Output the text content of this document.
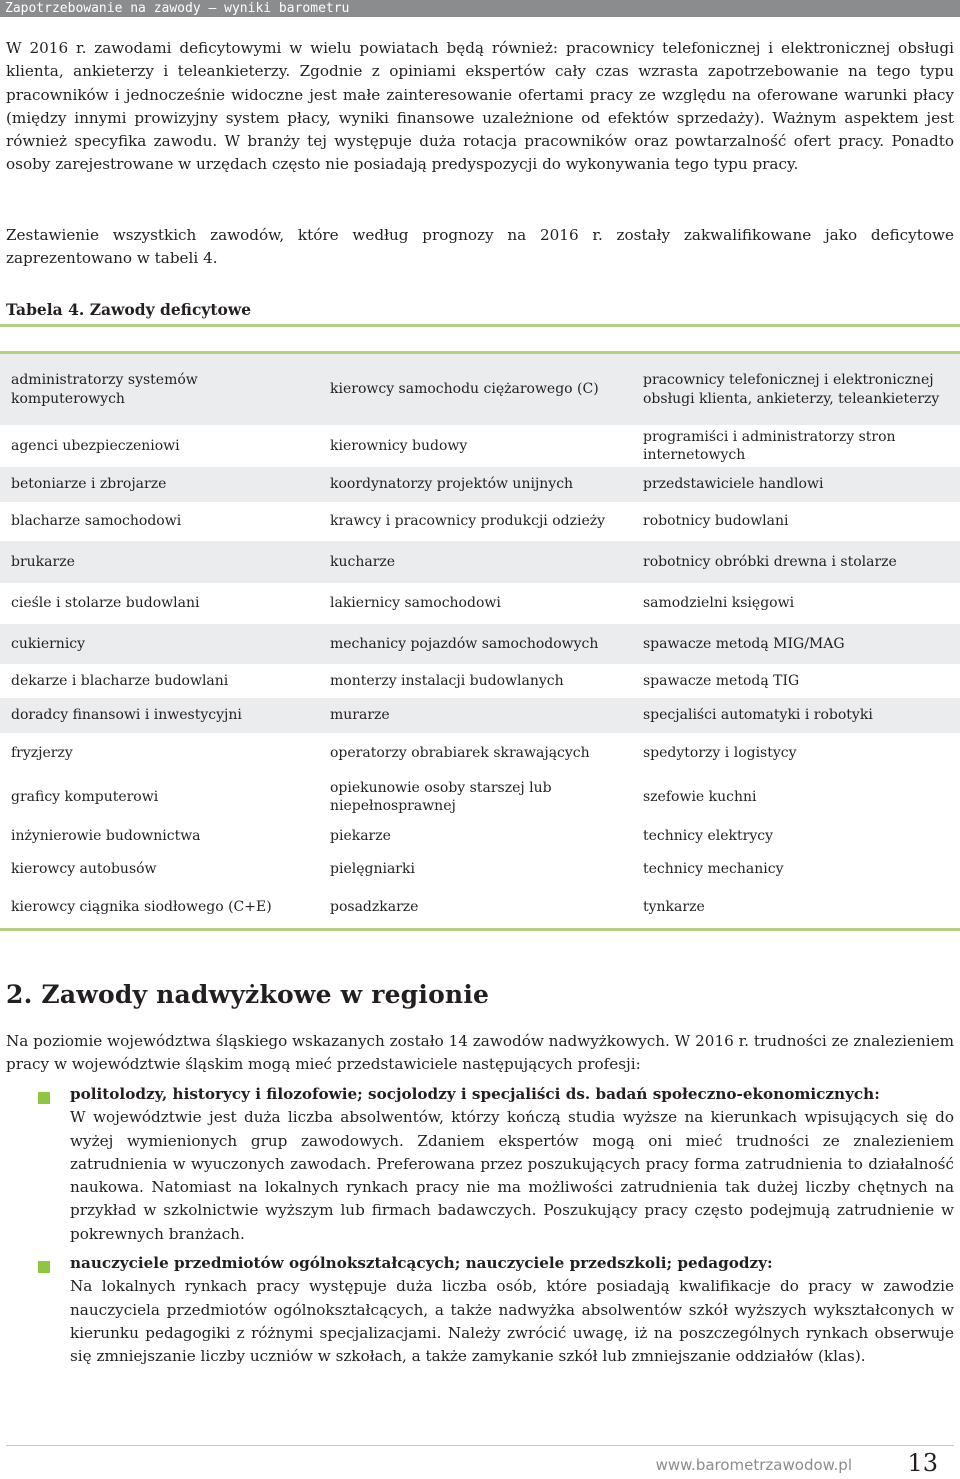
Zapotrzebowanie na zawody – wyniki barometru

W 2016 r. zawodami deficytowymi w wielu powiatach będą również: pracownicy telefonicznej i elektronicznej obsługi klienta, ankieterzy i teleankieterzy. Zgodnie z opiniami ekspertów cały czas wzrasta zapotrzebowanie na tego typu pracowników i jednocześnie widoczne jest małe zainteresowanie ofertami pracy ze względu na oferowane warunki płacy (między innymi prowizyjny system płacy, wyniki finansowe uzależnione od efektów sprzedaży). Ważnym aspektem jest również specyfika zawodu. W branży tej występuje duża rotacja pracowników oraz powtarzalność ofert pracy. Ponadto osoby zarejestrowane w urzędach często nie posiadają predyspozycji do wykonywania tego typu pracy.

Zestawienie wszystkich zawodów, które według prognozy na 2016 r. zostały zakwalifikowane jako deficytowe zaprezentowano w tabeli 4.

Tabela 4. Zawody deficytowe

administratorzy systemów komputerowych	kierowcy samochodu ciężarowego (C)	pracownicy telefonicznej i elektronicznej obsługi klienta, ankieterzy, teleankieterzy
agenci ubezpieczeniowi	kierownicy budowy	programiści i administratorzy stron internetowych
betoniarze i zbrojarze	koordynatorzy projektów unijnych	przedstawiciele handlowi
blacharze samochodowi	krawcy i pracownicy produkcji odzieży	robotnicy budowlani
brukarze	kucharze	robotnicy obróbki drewna i stolarze
cieśle i stolarze budowlani	lakiernicy samochodowi	samodzielni księgowi
cukiernicy	mechanicy pojazdów samochodowych	spawacze metodą MIG/MAG
dekarze i blacharze budowlani	monterzy instalacji budowlanych	spawacze metodą TIG
doradcy finansowi i inwestycyjni	murarze	specjaliści automatyki i robotyki
fryzjerzy	operatorzy obrabiarek skrawających	spedytorzy i logistycy
graficy komputerowi	opiekunowie osoby starszej lub niepełnosprawnej	szefowie kuchni
inżynierowie budownictwa	piekarze	technicy elektrycy
kierowcy autobusów	pielęgniarki	technicy mechanicy
kierowcy ciągnika siodłowego (C+E)	posadzkarze	tynkarze
2. Zawody nadwyżkowe w regionie

Na poziomie województwa śląskiego wskazanych zostało 14 zawodów nadwyżkowych. W 2016 r. trudności ze znalezieniem pracy w województwie śląskim mogą mieć przedstawiciele następujących profesji:

politolodzy, historycy i filozofowie; socjolodzy i specjaliści ds. badań społeczno-ekonomicznych:
W województwie jest duża liczba absolwentów, którzy kończą studia wyższe na kierunkach wpisujących się do wyżej wymienionych grup zawodowych. Zdaniem ekspertów mogą oni mieć trudności ze znalezieniem zatrudnienia w wyuczonych zawodach. Preferowana przez poszukujących pracy forma zatrudnienia to działalność naukowa. Natomiast na lokalnych rynkach pracy nie ma możliwości zatrudnienia tak dużej liczby chętnych na przykład w szkolnictwie wyższym lub firmach badawczych. Poszukujący pracy często podejmują zatrudnienie w pokrewnych branżach.

nauczyciele przedmiotów ogólnokształcących; nauczyciele przedszkoli; pedagodzy:
Na lokalnych rynkach pracy występuje duża liczba osób, które posiadają kwalifikacje do pracy w zawodzie nauczyciela przedmiotów ogólnokształcących, a także nadwyżka absolwentów szkół wyższych wykształconych w kierunku pedagogiki z różnymi specjalizacjami. Należy zwrócić uwagę, iż na poszczególnych rynkach obserwuje się zmniejszanie liczby uczniów w szkołach, a także zamykanie szkół lub zmniejszanie oddziałów (klas).

www.barometrzawodow.pl 13
